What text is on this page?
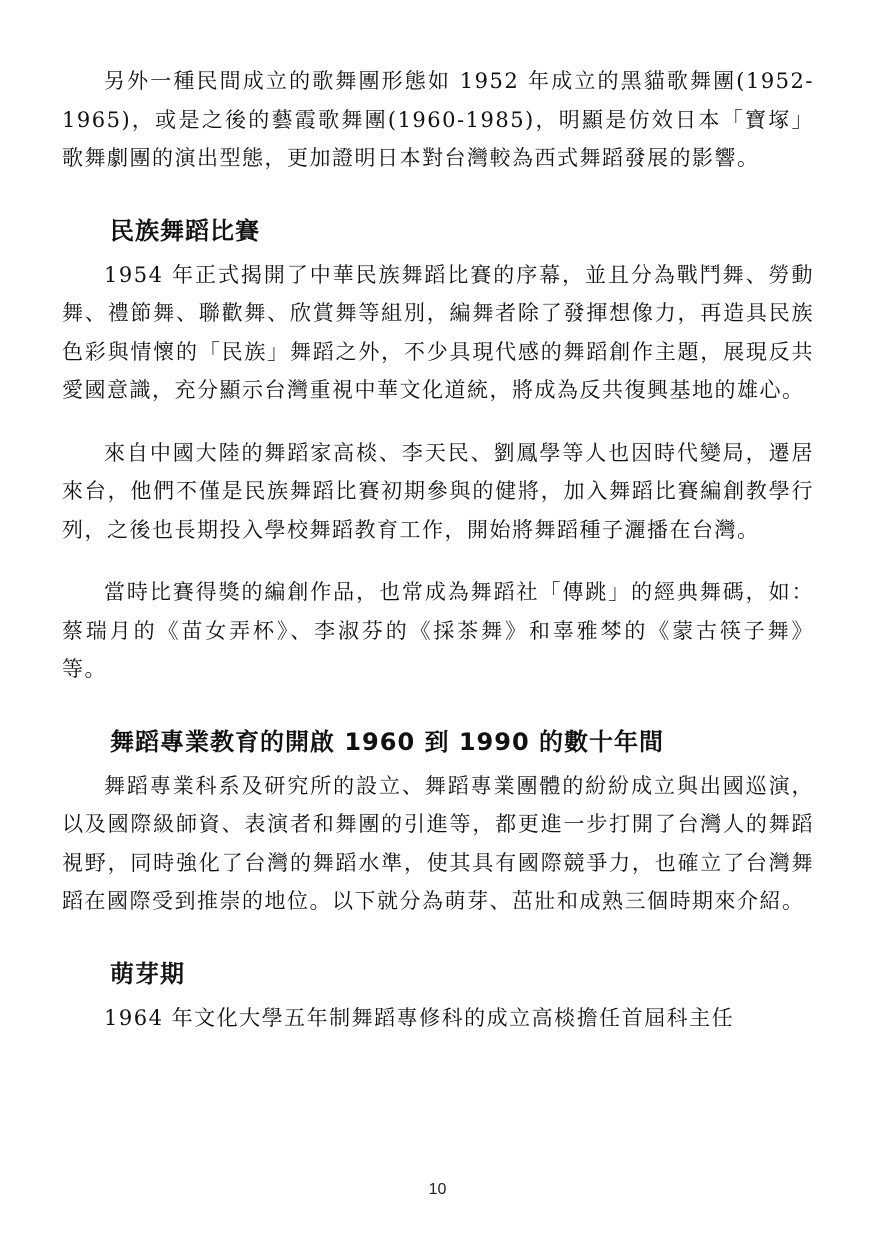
另外一種民間成立的歌舞團形態如 1952 年成立的黑貓歌舞團(1952-1965)，或是之後的藝霞歌舞團(1960-1985)，明顯是仿效日本「寶塚」歌舞劇團的演出型態，更加證明日本對台灣較為西式舞蹈發展的影響。

民族舞蹈比賽

1954 年正式揭開了中華民族舞蹈比賽的序幕，並且分為戰鬥舞、勞動舞、禮節舞、聯歡舞、欣賞舞等組別，編舞者除了發揮想像力，再造具民族色彩與情懷的「民族」舞蹈之外，不少具現代感的舞蹈創作主題，展現反共愛國意識，充分顯示台灣重視中華文化道統，將成為反共復興基地的雄心。

來自中國大陸的舞蹈家高棪、李天民、劉鳳學等人也因時代變局，遷居來台，他們不僅是民族舞蹈比賽初期參與的健將，加入舞蹈比賽編創教學行列，之後也長期投入學校舞蹈教育工作，開始將舞蹈種子灑播在台灣。

當時比賽得獎的編創作品，也常成為舞蹈社「傳跳」的經典舞碼，如：蔡瑞月的《苗女弄杯》、李淑芬的《採茶舞》和辜雅棽的《蒙古筷子舞》等。

舞蹈專業教育的開啟 1960 到 1990 的數十年間

舞蹈專業科系及研究所的設立、舞蹈專業團體的紛紛成立與出國巡演，以及國際級師資、表演者和舞團的引進等，都更進一步打開了台灣人的舞蹈視野，同時強化了台灣的舞蹈水準，使其具有國際競爭力，也確立了台灣舞蹈在國際受到推崇的地位。以下就分為萌芽、茁壯和成熟三個時期來介紹。

萌芽期

1964 年文化大學五年制舞蹈專修科的成立高棪擔任首屆科主任

10
